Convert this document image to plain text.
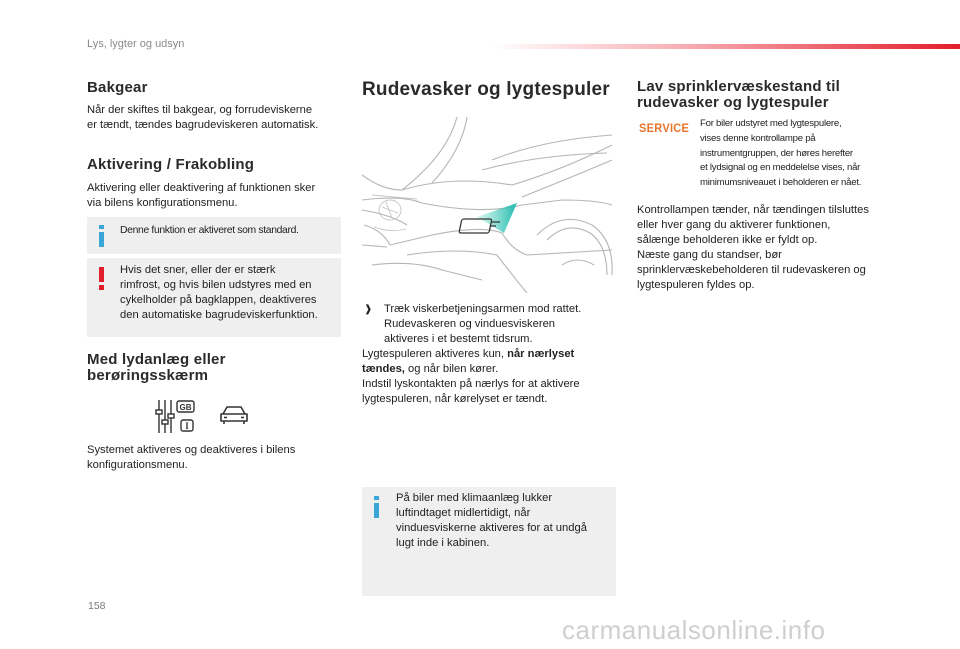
Lys, lygter og udsyn
Bakgear
Når der skiftes til bakgear, og forrudeviskerne
er tændt, tændes bagrudeviskeren automatisk.
Aktivering / Frakobling
Aktivering eller deaktivering af funktionen sker
via bilens konfigurationsmenu.
Denne funktion er aktiveret som standard.
Hvis det sner, eller der er stærk
rimfrost, og hvis bilen udstyres med en
cykelholder på bagklappen, deaktiveres
den automatiske bagrudeviskerfunktion.
Med lydanlæg eller
berøringsskærm
GB
I
Systemet aktiveres og deaktiveres i bilens
konfigurationsmenu.
Rudevasker og lygtespuler
❱ Træk viskerbetjeningsarmen mod rattet.
Rudevaskeren og vinduesviskeren
aktiveres i et bestemt tidsrum.
Lygtespuleren aktiveres kun, når nærlyset
tændes, og når bilen kører.
Indstil lyskontakten på nærlys for at aktivere
lygtespuleren, når kørelyset er tændt.
På biler med klimaanlæg lukker
luftindtaget midlertidigt, når
vinduesviskerne aktiveres for at undgå
lugt inde i kabinen.
Lav sprinklervæskestand til
rudevasker og lygtespuler
SERVICE For biler udstyret med lygtespulere,
vises denne kontrollampe på
instrumentgruppen, der høres herefter
et lydsignal og en meddelelse vises, når
minimumsniveauet i beholderen er nået.
Kontrollampen tænder, når tændingen tilsluttes
eller hver gang du aktiverer funktionen,
sålænge beholderen ikke er fyldt op.
Næste gang du standser, bør
sprinklervæskebeholderen til rudevaskeren og
lygtespuleren fyldes op.
158
carmanualsonline.info
